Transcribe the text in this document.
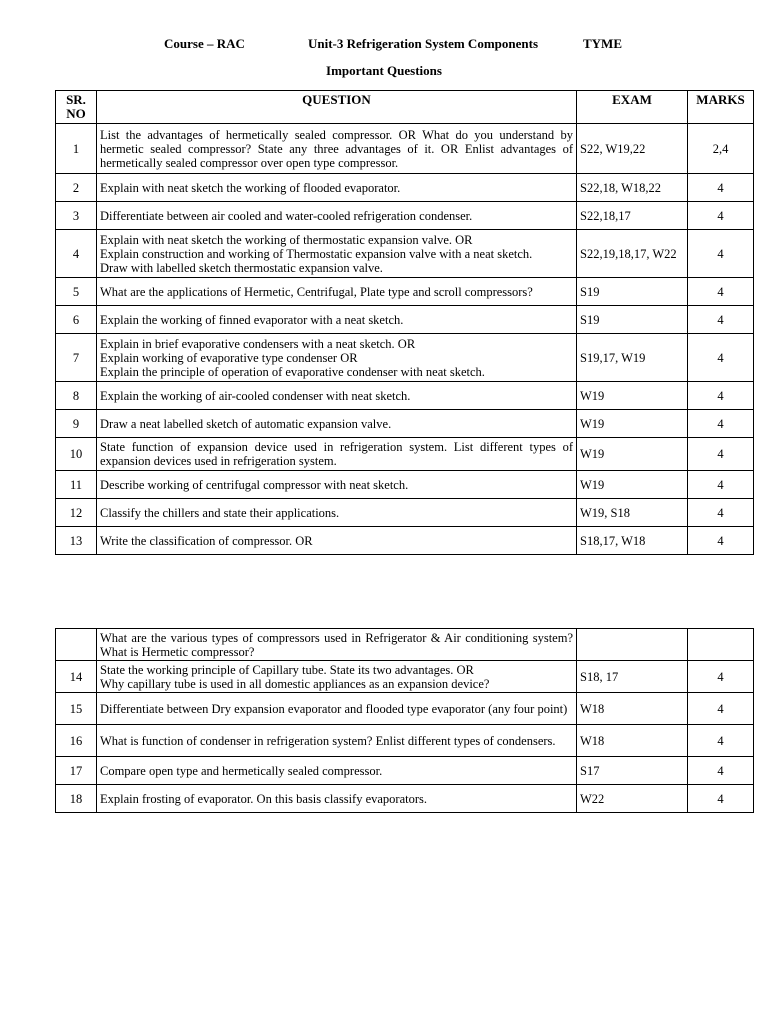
Course – RAC	Unit-3 Refrigeration System Components	TYME
Important Questions
SR. NO	QUESTION	EXAM	MARKS
1	List the advantages of hermetically sealed compressor. OR What do you understand by hermetic sealed compressor? State any three advantages of it. OR Enlist advantages of hermetically sealed compressor over open type compressor.	S22, W19,22	2,4
2	Explain with neat sketch the working of flooded evaporator.	S22,18, W18,22	4
3	Differentiate between air cooled and water-cooled refrigeration condenser.	S22,18,17	4
4	Explain with neat sketch the working of thermostatic expansion valve. OR
Explain construction and working of Thermostatic expansion valve with a neat sketch.
Draw with labelled sketch thermostatic expansion valve.	S22,19,18,17, W22	4
5	What are the applications of Hermetic, Centrifugal, Plate type and scroll compressors?	S19	4
6	Explain the working of finned evaporator with a neat sketch.	S19	4
7	Explain in brief evaporative condensers with a neat sketch. OR
Explain working of evaporative type condenser OR
Explain the principle of operation of evaporative condenser with neat sketch.	S19,17, W19	4
8	Explain the working of air-cooled condenser with neat sketch.	W19	4
9	Draw a neat labelled sketch of automatic expansion valve.	W19	4
10	State function of expansion device used in refrigeration system. List different types of expansion devices used in refrigeration system.	W19	4
11	Describe working of centrifugal compressor with neat sketch.	W19	4
12	Classify the chillers and state their applications.	W19, S18	4
13	Write the classification of compressor. OR	S18,17, W18	4
	What are the various types of compressors used in Refrigerator & Air conditioning system? What is Hermetic compressor?		
14	State the working principle of Capillary tube. State its two advantages. OR
Why capillary tube is used in all domestic appliances as an expansion device?	S18, 17	4
15	Differentiate between Dry expansion evaporator and flooded type evaporator (any four point)	W18	4
16	What is function of condenser in refrigeration system? Enlist different types of condensers.	W18	4
17	Compare open type and hermetically sealed compressor.	S17	4
18	Explain frosting of evaporator. On this basis classify evaporators.	W22	4
